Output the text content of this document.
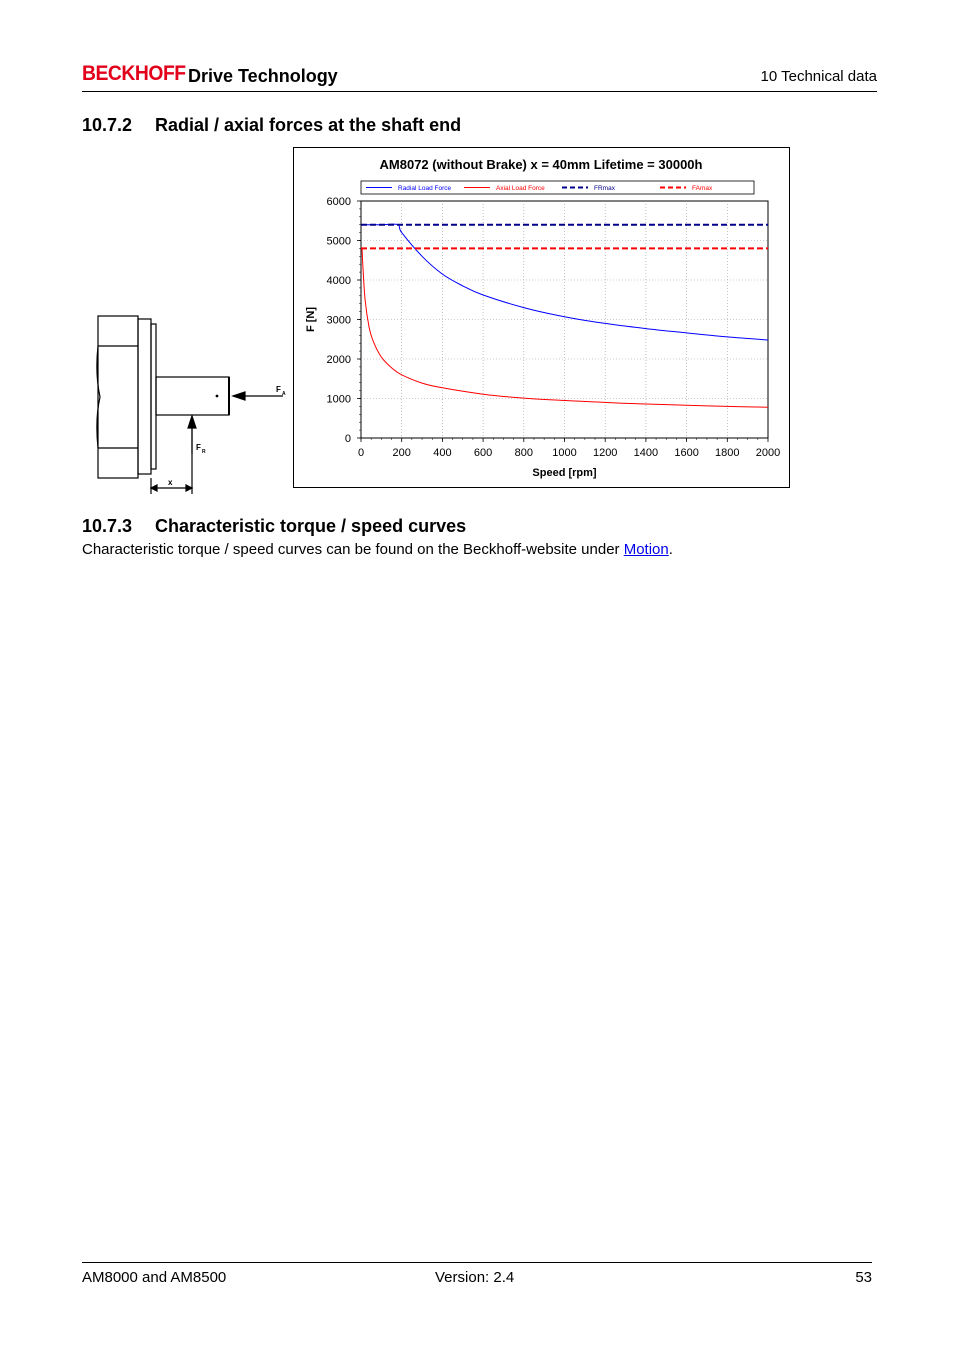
BECKHOFF Drive Technology	10 Technical data
10.7.2 Radial / axial forces at the shaft end
F A
F R
x
AM8072 (without Brake) x = 40mm Lifetime = 30000h
Radial Load Force	Axial Load Force	FRmax	FAmax
0	200 400 600 800 1000 1200 1400 1600 1800 2000
0
1000
2000
3000
4000
5000
6000
Speed [rpm]
F [N]
10.7.3 Characteristic torque / speed curves
Characteristic torque / speed curves can be found on the Beckhoff-website under Motion.
AM8000 and AM8500	Version: 2.4	53
